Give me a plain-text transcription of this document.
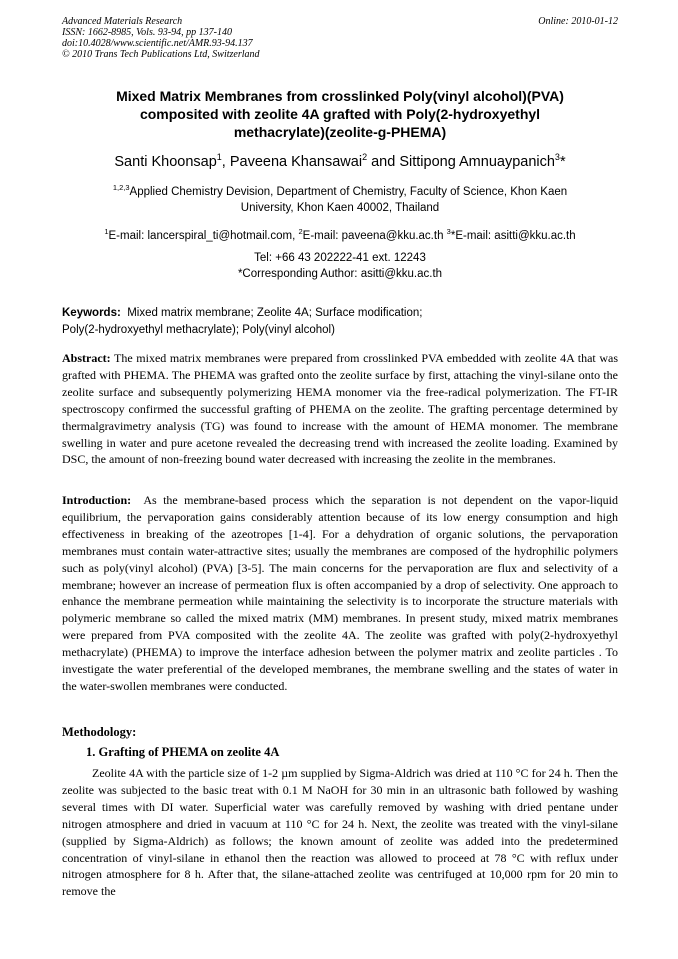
Advanced Materials Research
ISSN: 1662-8985, Vols. 93-94, pp 137-140
doi:10.4028/www.scientific.net/AMR.93-94.137
© 2010 Trans Tech Publications Ltd, Switzerland
Online: 2010-01-12
Mixed Matrix Membranes from crosslinked Poly(vinyl alcohol)(PVA)
composited with zeolite 4A grafted with Poly(2-hydroxyethyl
methacrylate)(zeolite-g-PHEMA)
Santi Khoonsap$^1$, Paveena Khansawai$^2$ and Sittipong Amnuaypanich$^3$*
$^{1,2,3}$Applied Chemistry Devision, Department of Chemistry, Faculty of Science, Khon Kaen
University, Khon Kaen 40002, Thailand
$^1$E-mail: lancerspiral_ti@hotmail.com, $^2$E-mail: paveena@kku.ac.th $^3$*E-mail: asitti@kku.ac.th
Tel: +66 43 202222-41 ext. 12243
*Corresponding Author: asitti@kku.ac.th
Keywords: Mixed matrix membrane; Zeolite 4A; Surface modification;
Poly(2-hydroxyethyl methacrylate); Poly(vinyl alcohol)
Abstract: The mixed matrix membranes were prepared from crosslinked PVA embedded with zeolite 4A that was grafted with PHEMA. The PHEMA was grafted onto the zeolite surface by first, attaching the vinyl-silane onto the zeolite surface and subsequently polymerizing HEMA monomer via the free-radical polymerization. The FT-IR spectroscopy confirmed the successful grafting of PHEMA on the zeolite. The grafting percentage determined by thermalgravimetry analysis (TG) was found to increase with the amount of HEMA monomer. The membrane swelling in water and pure acetone revealed the decreasing trend with increased the zeolite loading. Examined by DSC, the amount of non-freezing bound water decreased with increasing the zeolite in the membranes.
Introduction: As the membrane-based process which the separation is not dependent on the vapor-liquid equilibrium, the pervaporation gains considerably attention because of its low energy consumption and high effectiveness in breaking of the azeotropes [1-4]. For a dehydration of organic solutions, the pervaporation membranes must contain water-attractive sites; usually the membranes are composed of the hydrophilic polymers such as poly(vinyl alcohol) (PVA) [3-5]. The main concerns for the pervaporation are flux and selectivity of a membrane; however an increase of permeation flux is often accompanied by a drop of selectivity. One approach to enhance the membrane permeation while maintaining the selectivity is to incorporate the structure materials with polymeric membrane so called the mixed matrix (MM) membranes. In present study, mixed matrix membranes were prepared from PVA composited with the zeolite 4A. The zeolite was grafted with poly(2-hydroxyethyl methacrylate) (PHEMA) to improve the interface adhesion between the polymer matrix and zeolite particles . To investigate the water preferential of the developed membranes, the membrane swelling and the states of water in the water-swollen membranes were conducted.
Methodology:
1. Grafting of PHEMA on zeolite 4A
Zeolite 4A with the particle size of 1-2 µm supplied by Sigma-Aldrich was dried at 110 °C for 24 h. Then the zeolite was subjected to the basic treat with 0.1 M NaOH for 30 min in an ultrasonic bath followed by washing several times with DI water. Superficial water was carefully removed by washing with dried pentane under nitrogen atmosphere and dried in vacuum at 110 °C for 24 h. Next, the zeolite was treated with the vinyl-silane (supplied by Sigma-Aldrich) as follows; the known amount of zeolite was added into the predetermined concentration of vinyl-silane in ethanol then the reaction was allowed to proceed at 78 °C with reflux under nitrogen atmosphere for 8 h. After that, the silane-attached zeolite was centrifuged at 10,000 rpm for 20 min to remove the
